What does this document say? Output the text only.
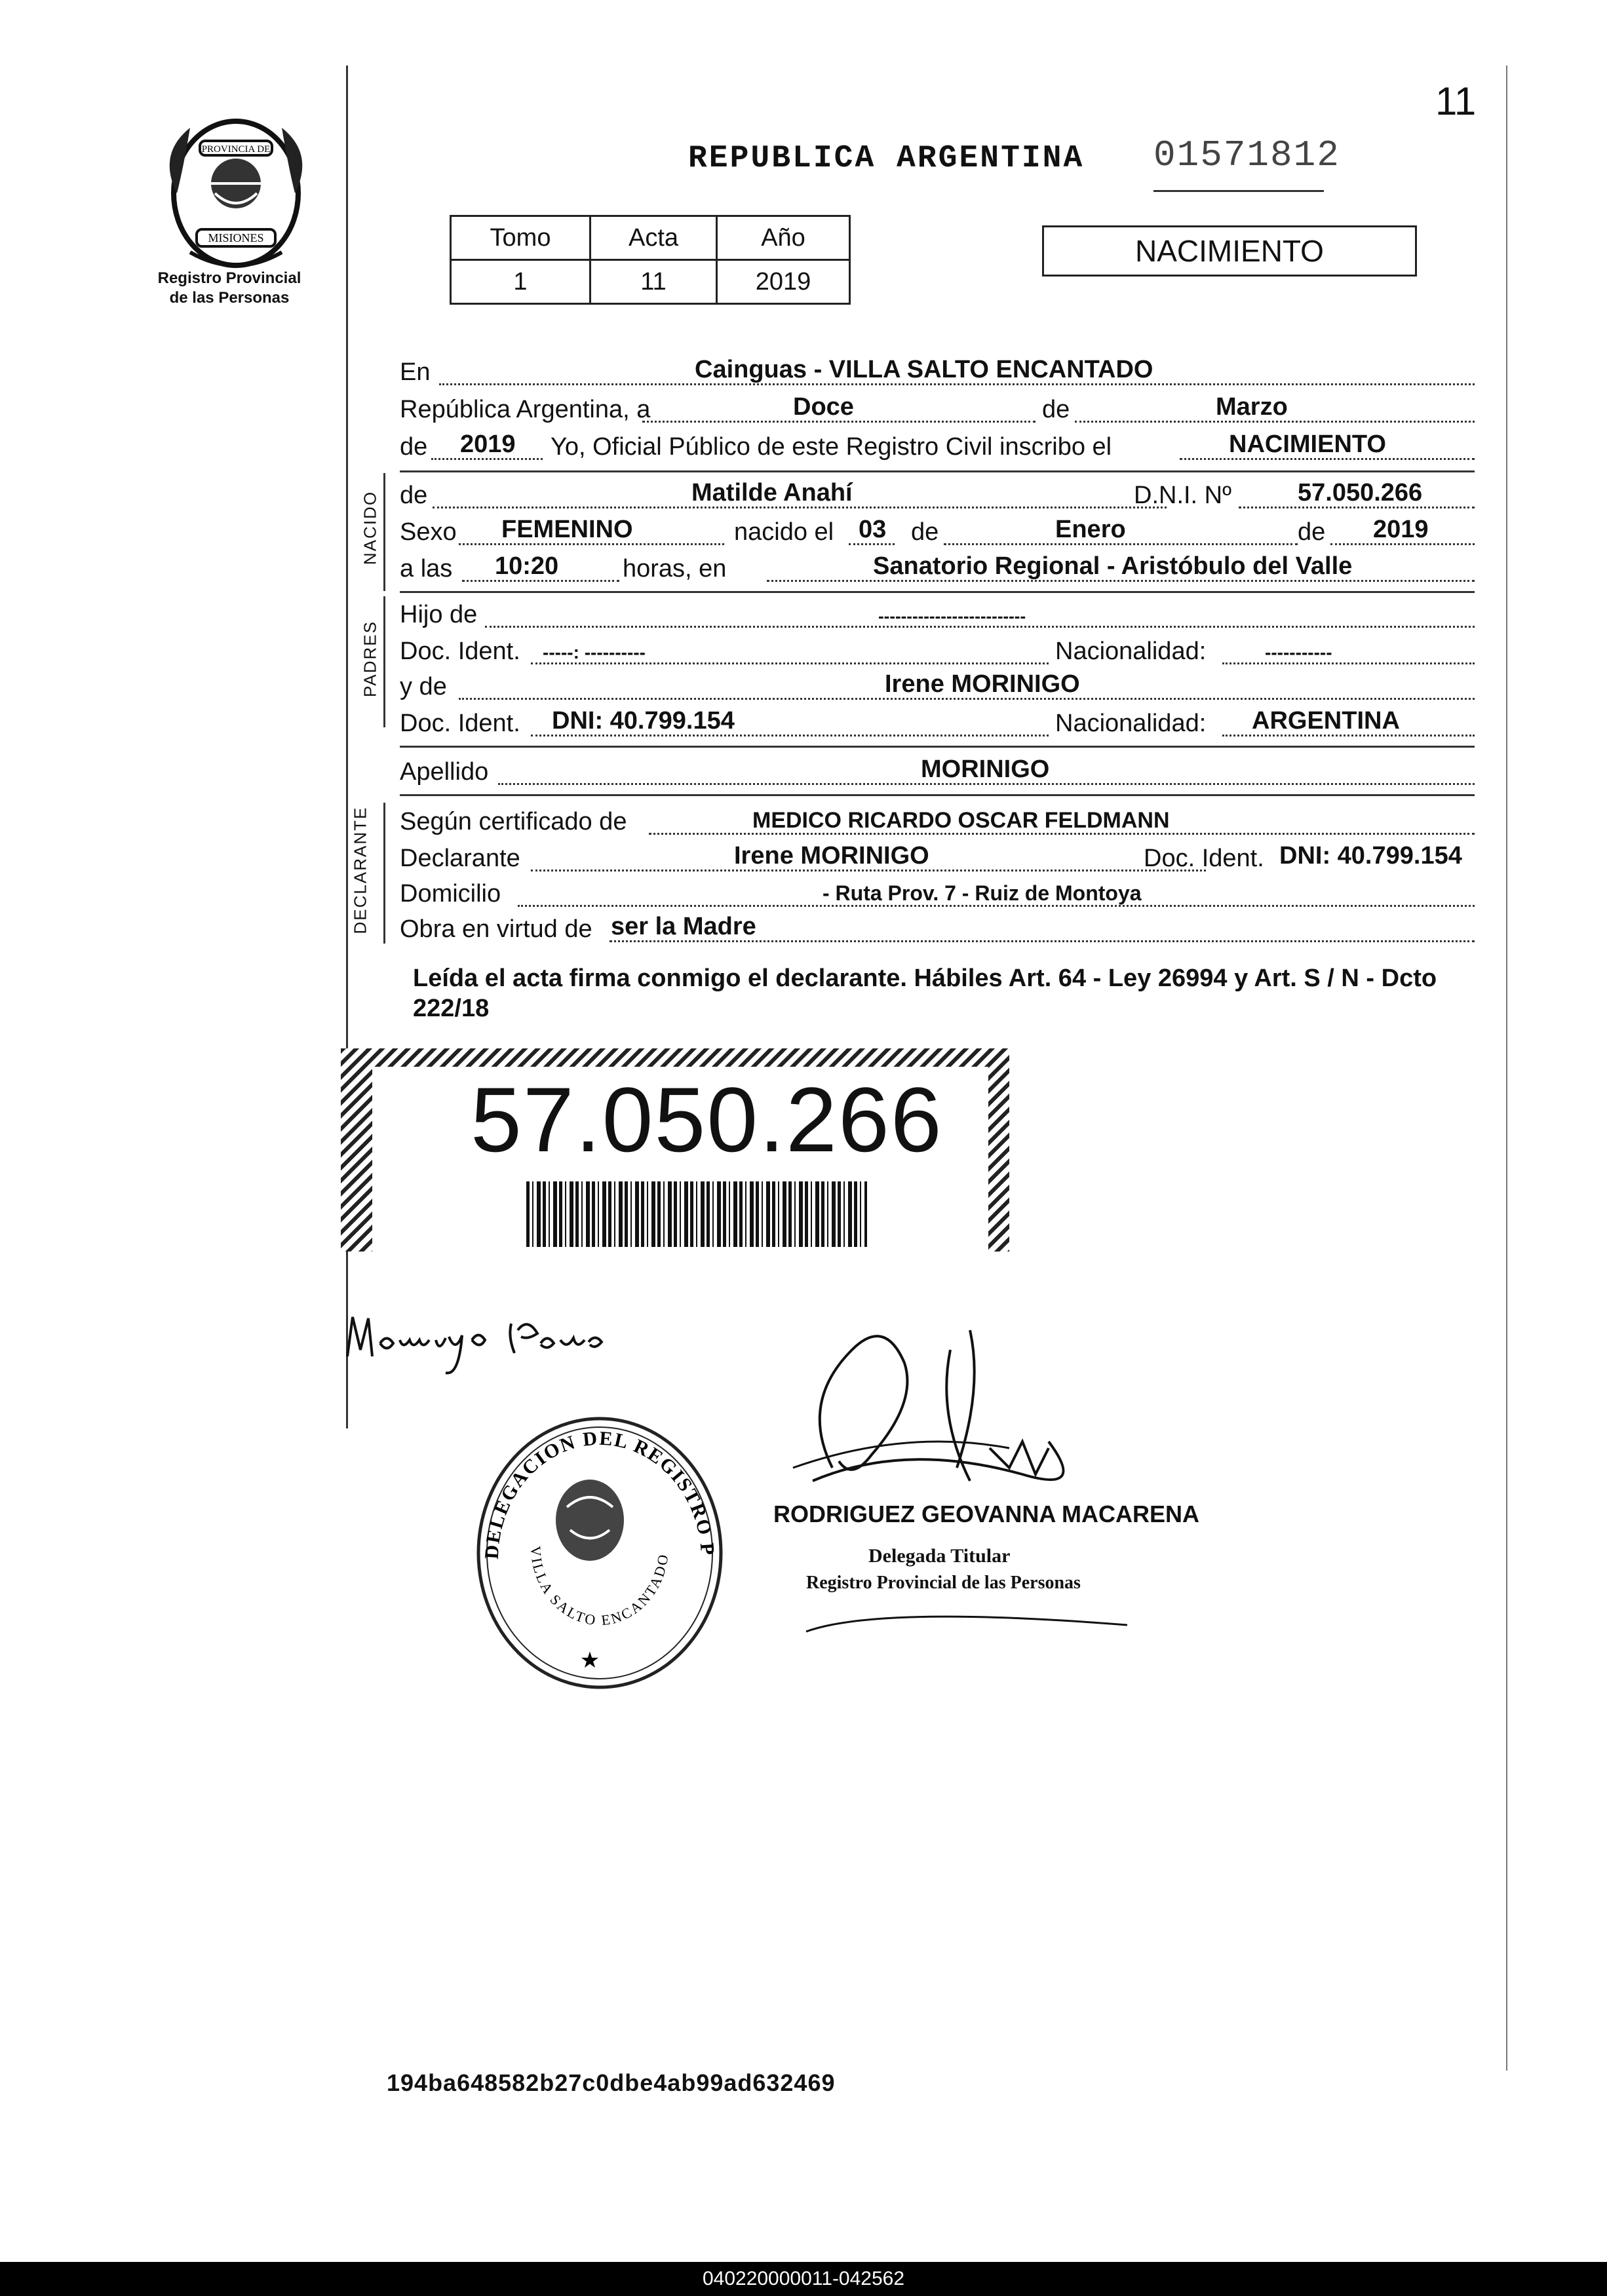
PROVINCIA DE
MISIONES
Registro Provincial
de las Personas
11
REPUBLICA ARGENTINA 01571812
Tomo	Acta	Año
1	11	2019
NACIMIENTO
En	Cainguas - VILLA SALTO ENCANTADO
República Argentina, a	Doce	de	Marzo
de 2019 Yo, Oficial Público de este Registro Civil inscribo el	NACIMIENTO
NACIDO de	Matilde Anahí	D.N.I. Nº	57.050.266
Sexo FEMENINO	nacido el 03 de	Enero	de 2019
a las 10:20	horas, en	Sanatorio Regional - Aristóbulo del Valle
PADRES
Hijo de	--------------------------
Doc. Ident. -----: ----------	Nacionalidad:	-----------
y de	Irene MORINIGO
Doc. Ident. DNI: 40.799.154	Nacionalidad: ARGENTINA
Apellido	MORINIGO
DECLARANTE Según certificado de	MEDICO RICARDO OSCAR FELDMANN
Declarante	Irene MORINIGO	Doc. Ident. DNI: 40.799.154
Domicilio	- Ruta Prov. 7 - Ruiz de Montoya
Obra en virtud de ser la Madre
Leída el acta firma conmigo el declarante. Hábiles Art. 64 - Ley 26994 y Art. S / N - Dcto 222/18
57.050.266
DELEGACION DEL REGISTRO P
VILLA SALTO ENCANTADO
★
RODRIGUEZ GEOVANNA MACARENA
Delegada Titular
Registro Provincial de las Personas
194ba648582b27c0dbe4ab99ad632469
040220000011-042562
